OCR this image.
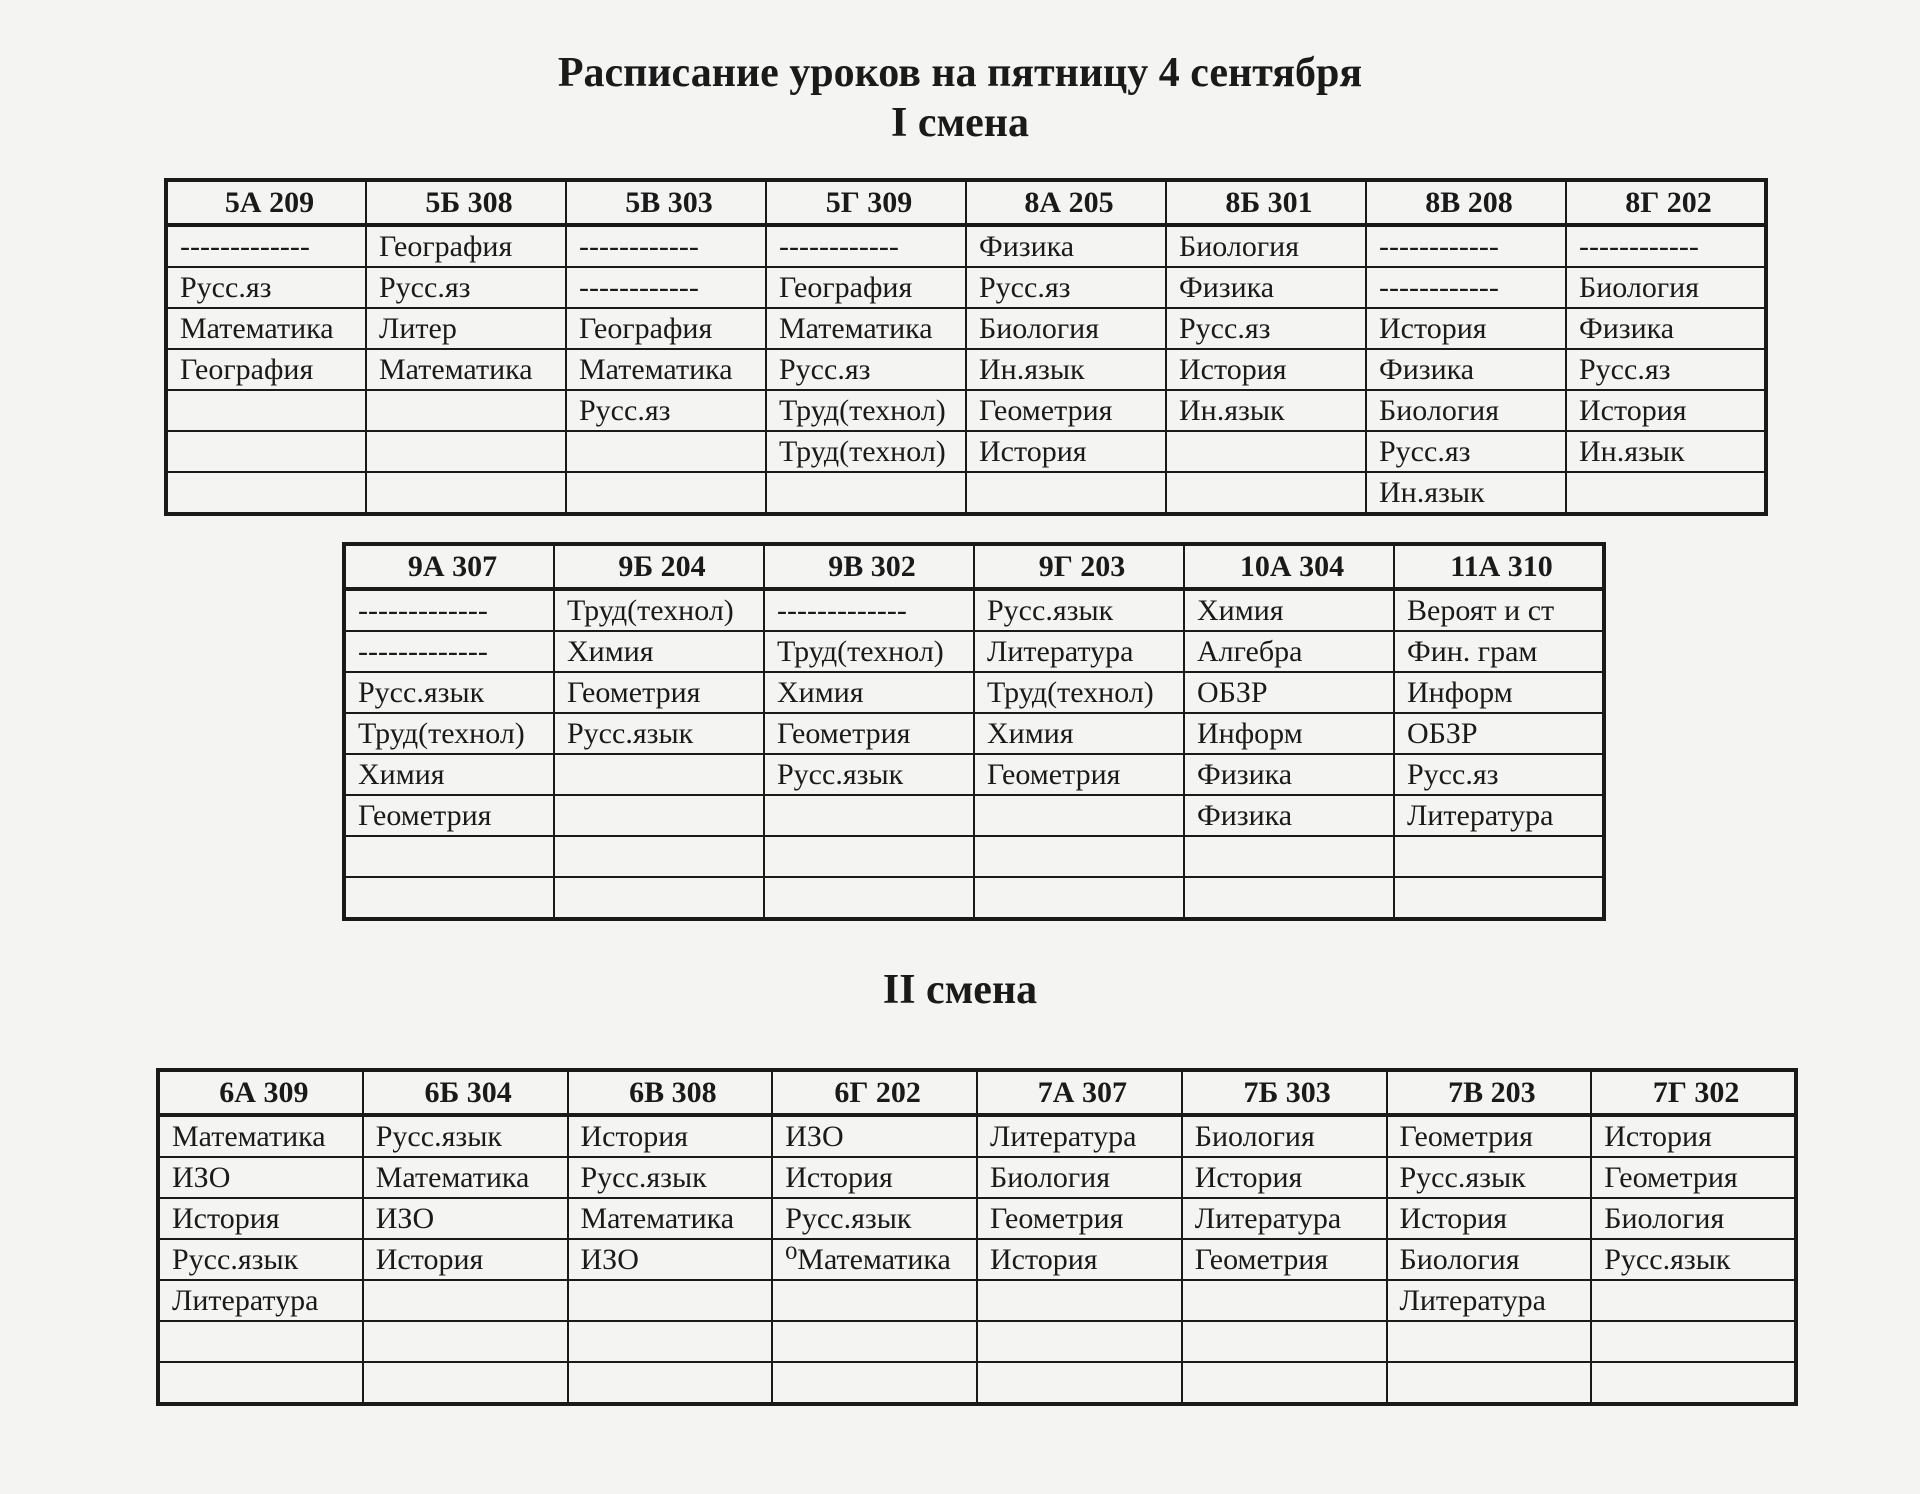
Расписание уроков на пятницу 4 сентября
I смена
II смена
5А 209	5Б 308	5В 303	5Г 309	8А 205	8Б 301	8В 208	8Г 202
-------------	География	------------	------------	Физика	Биология	------------	------------
Русс.яз	Русс.яз	------------	География	Русс.яз	Физика	------------	Биология
Математика	Литер	География	Математика	Биология	Русс.яз	История	Физика
География	Математика	Математика	Русс.яз	Ин.язык	История	Физика	Русс.яз
		Русс.яз	Труд(технол)	Геометрия	Ин.язык	Биология	История
			Труд(технол)	История		Русс.яз	Ин.язык
						Ин.язык	
9А 307	9Б 204	9В 302	9Г 203	10А 304	11А 310
-------------	Труд(технол)	-------------	Русс.язык	Химия	Вероят и ст
-------------	Химия	Труд(технол)	Литература	Алгебра	Фин. грам
Русс.язык	Геометрия	Химия	Труд(технол)	ОБЗР	Информ
Труд(технол)	Русс.язык	Геометрия	Химия	Информ	ОБЗР
Химия		Русс.язык	Геометрия	Физика	Русс.яз
Геометрия				Физика	Литература

6А 309	6Б 304	6В 308	6Г 202	7А 307	7Б 303	7В 203	7Г 302
Математика	Русс.язык	История	ИЗО	Литература	Биология	Геометрия	История
ИЗО	Математика	Русс.язык	История	Биология	История	Русс.язык	Геометрия
История	ИЗО	Математика	Русс.язык	Геометрия	Литература	История	Биология
Русс.язык	История	ИЗО	⁰Математика	История	Геометрия	Биология	Русс.язык
Литература						Литература	
